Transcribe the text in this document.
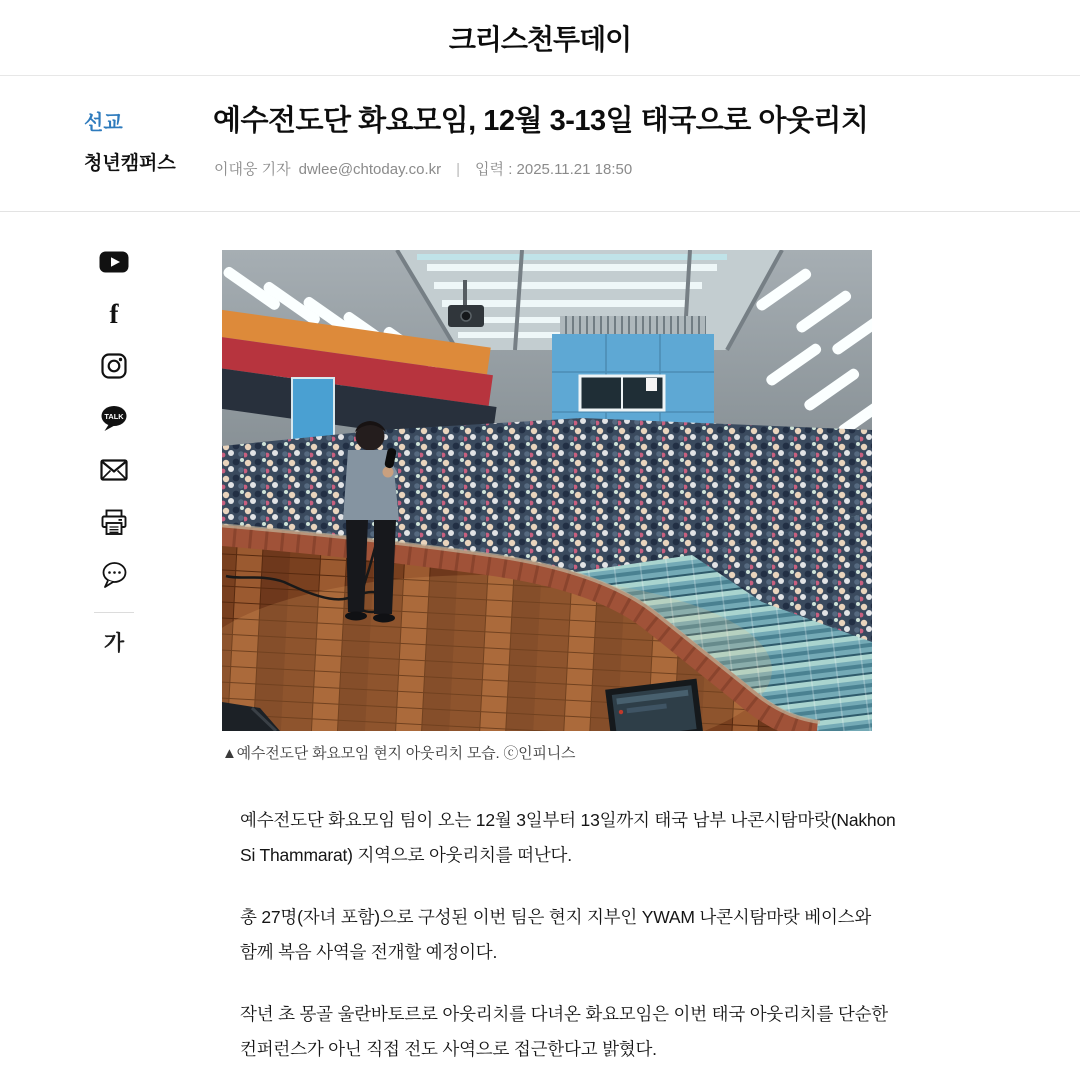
크리스천투데이
선교
청년캠퍼스
예수전도단 화요모임, 12월 3-13일 태국으로 아웃리치
이대웅 기자 dwlee@chtoday.co.kr | 입력 : 2025.11.21 18:50
f
TALK
가
▲예수전도단 화요모임 현지 아웃리치 모습. ⓒ인피니스

예수전도단 화요모임 팀이 오는 12월 3일부터 13일까지 태국 남부 나콘시탐마랏(Nakhon Si Thammarat) 지역으로 아웃리치를 떠난다.

총 27명(자녀 포함)으로 구성된 이번 팀은 현지 지부인 YWAM 나콘시탐마랏 베이스와 함께 복음 사역을 전개할 예정이다.

작년 초 몽골 울란바토르로 아웃리치를 다녀온 화요모임은 이번 태국 아웃리치를 단순한 컨퍼런스가 아닌 직접 전도 사역으로 접근한다고 밝혔다.
